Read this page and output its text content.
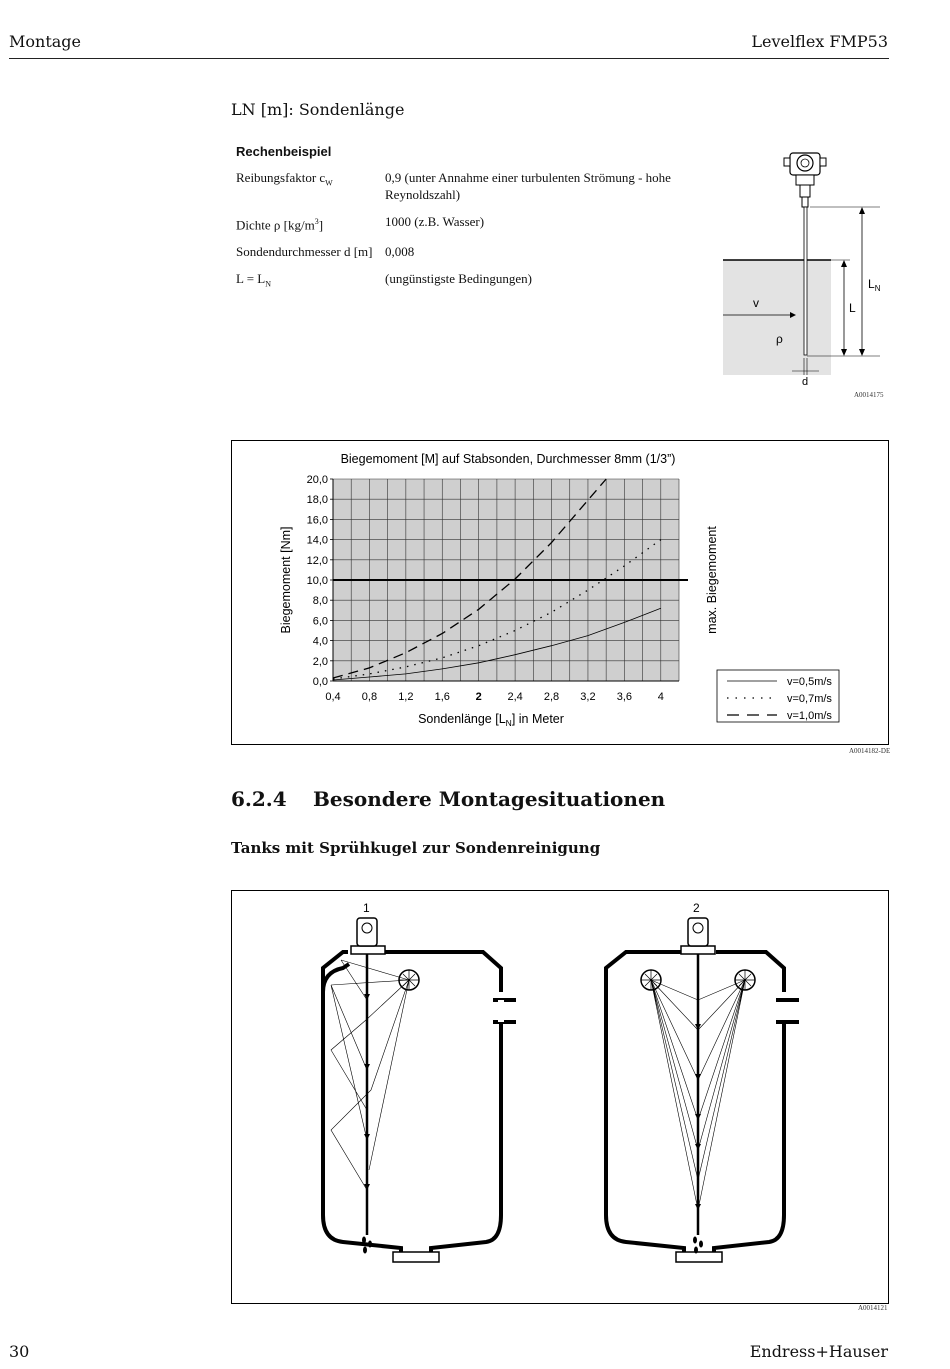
Montage	Levelflex FMP53
LN [m]: Sondenlänge
Rechenbeispiel
Reibungsfaktor $c_W$	0,9 (unter Annahme einer turbulenten Strömung - hohe Reynoldszahl)
Dichte ρ $[kg/m^3]$	1000 (z.B. Wasser)
Sondendurchmesser d [m] 0,008
$L = L_N$	(ungünstigste Bedingungen)
v
ρ
L
$L_N$
d
A0014175
Biegemoment [M] auf Stabsonden, Durchmesser 8mm (1/3”)
0,0
2,0
4,0
6,0
8,0
10,0
12,0
14,0
16,0
18,0
20,0
0,4 0,8 1,2 1,6 2 2,4 2,8 3,2 3,6 4
Biegemoment [Nm]	max. Biegemoment
Sondenlänge $[L_N]$ in Meter
v=0,5m/s
v=0,7m/s
v=1,0m/s
A0014182-DE
6.2.4 Besondere Montagesituationen
Tanks mit Sprühkugel zur Sondenreinigung
1	2
A0014121
30	Endress+Hauser
